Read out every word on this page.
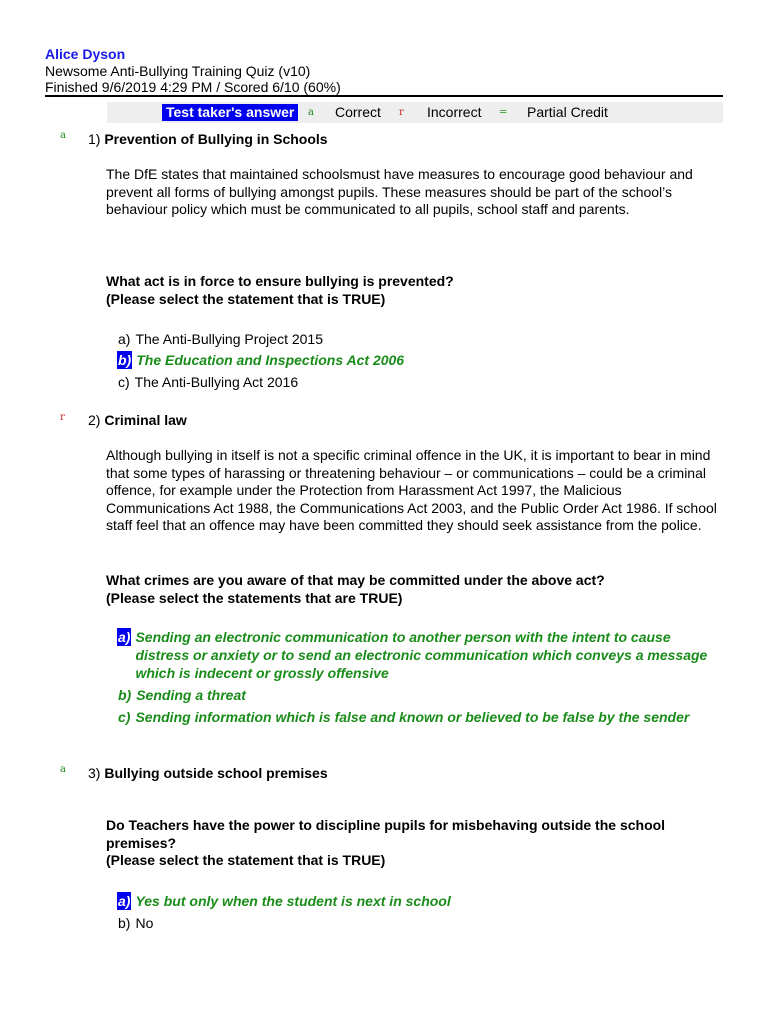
Alice Dyson
Newsome Anti-Bullying Training Quiz (v10)
Finished 9/6/2019 4:29 PM / Scored 6/10 (60%)
Test taker's answer	a Correct r Incorrect = Partial Credit
a 1) Prevention of Bullying in Schools
The DfE states that maintained schoolsmust have measures to encourage good behaviour and prevent all forms of bullying amongst pupils. These measures should be part of the school’s behaviour policy which must be communicated to all pupils, school staff and parents.
What act is in force to ensure bullying is prevented?
(Please select the statement that is TRUE)
a) The Anti-Bullying Project 2015
b) The Education and Inspections Act 2006
c) The Anti-Bullying Act 2016
r 2) Criminal law
Although bullying in itself is not a specific criminal offence in the UK, it is important to bear in mind that some types of harassing or threatening behaviour – or communications – could be a criminal offence, for example under the Protection from Harassment Act 1997, the Malicious Communications Act 1988, the Communications Act 2003, and the Public Order Act 1986. If school staff feel that an offence may have been committed they should seek assistance from the police.
What crimes are you aware of that may be committed under the above act?
(Please select the statements that are TRUE)
a) Sending an electronic communication to another person with the intent to cause distress or anxiety or to send an electronic communication which conveys a message which is indecent or grossly offensive
b) Sending a threat
c) Sending information which is false and known or believed to be false by the sender
a 3) Bullying outside school premises
Do Teachers have the power to discipline pupils for misbehaving outside the school premises?
(Please select the statement that is TRUE)
a) Yes but only when the student is next in school
b) No
